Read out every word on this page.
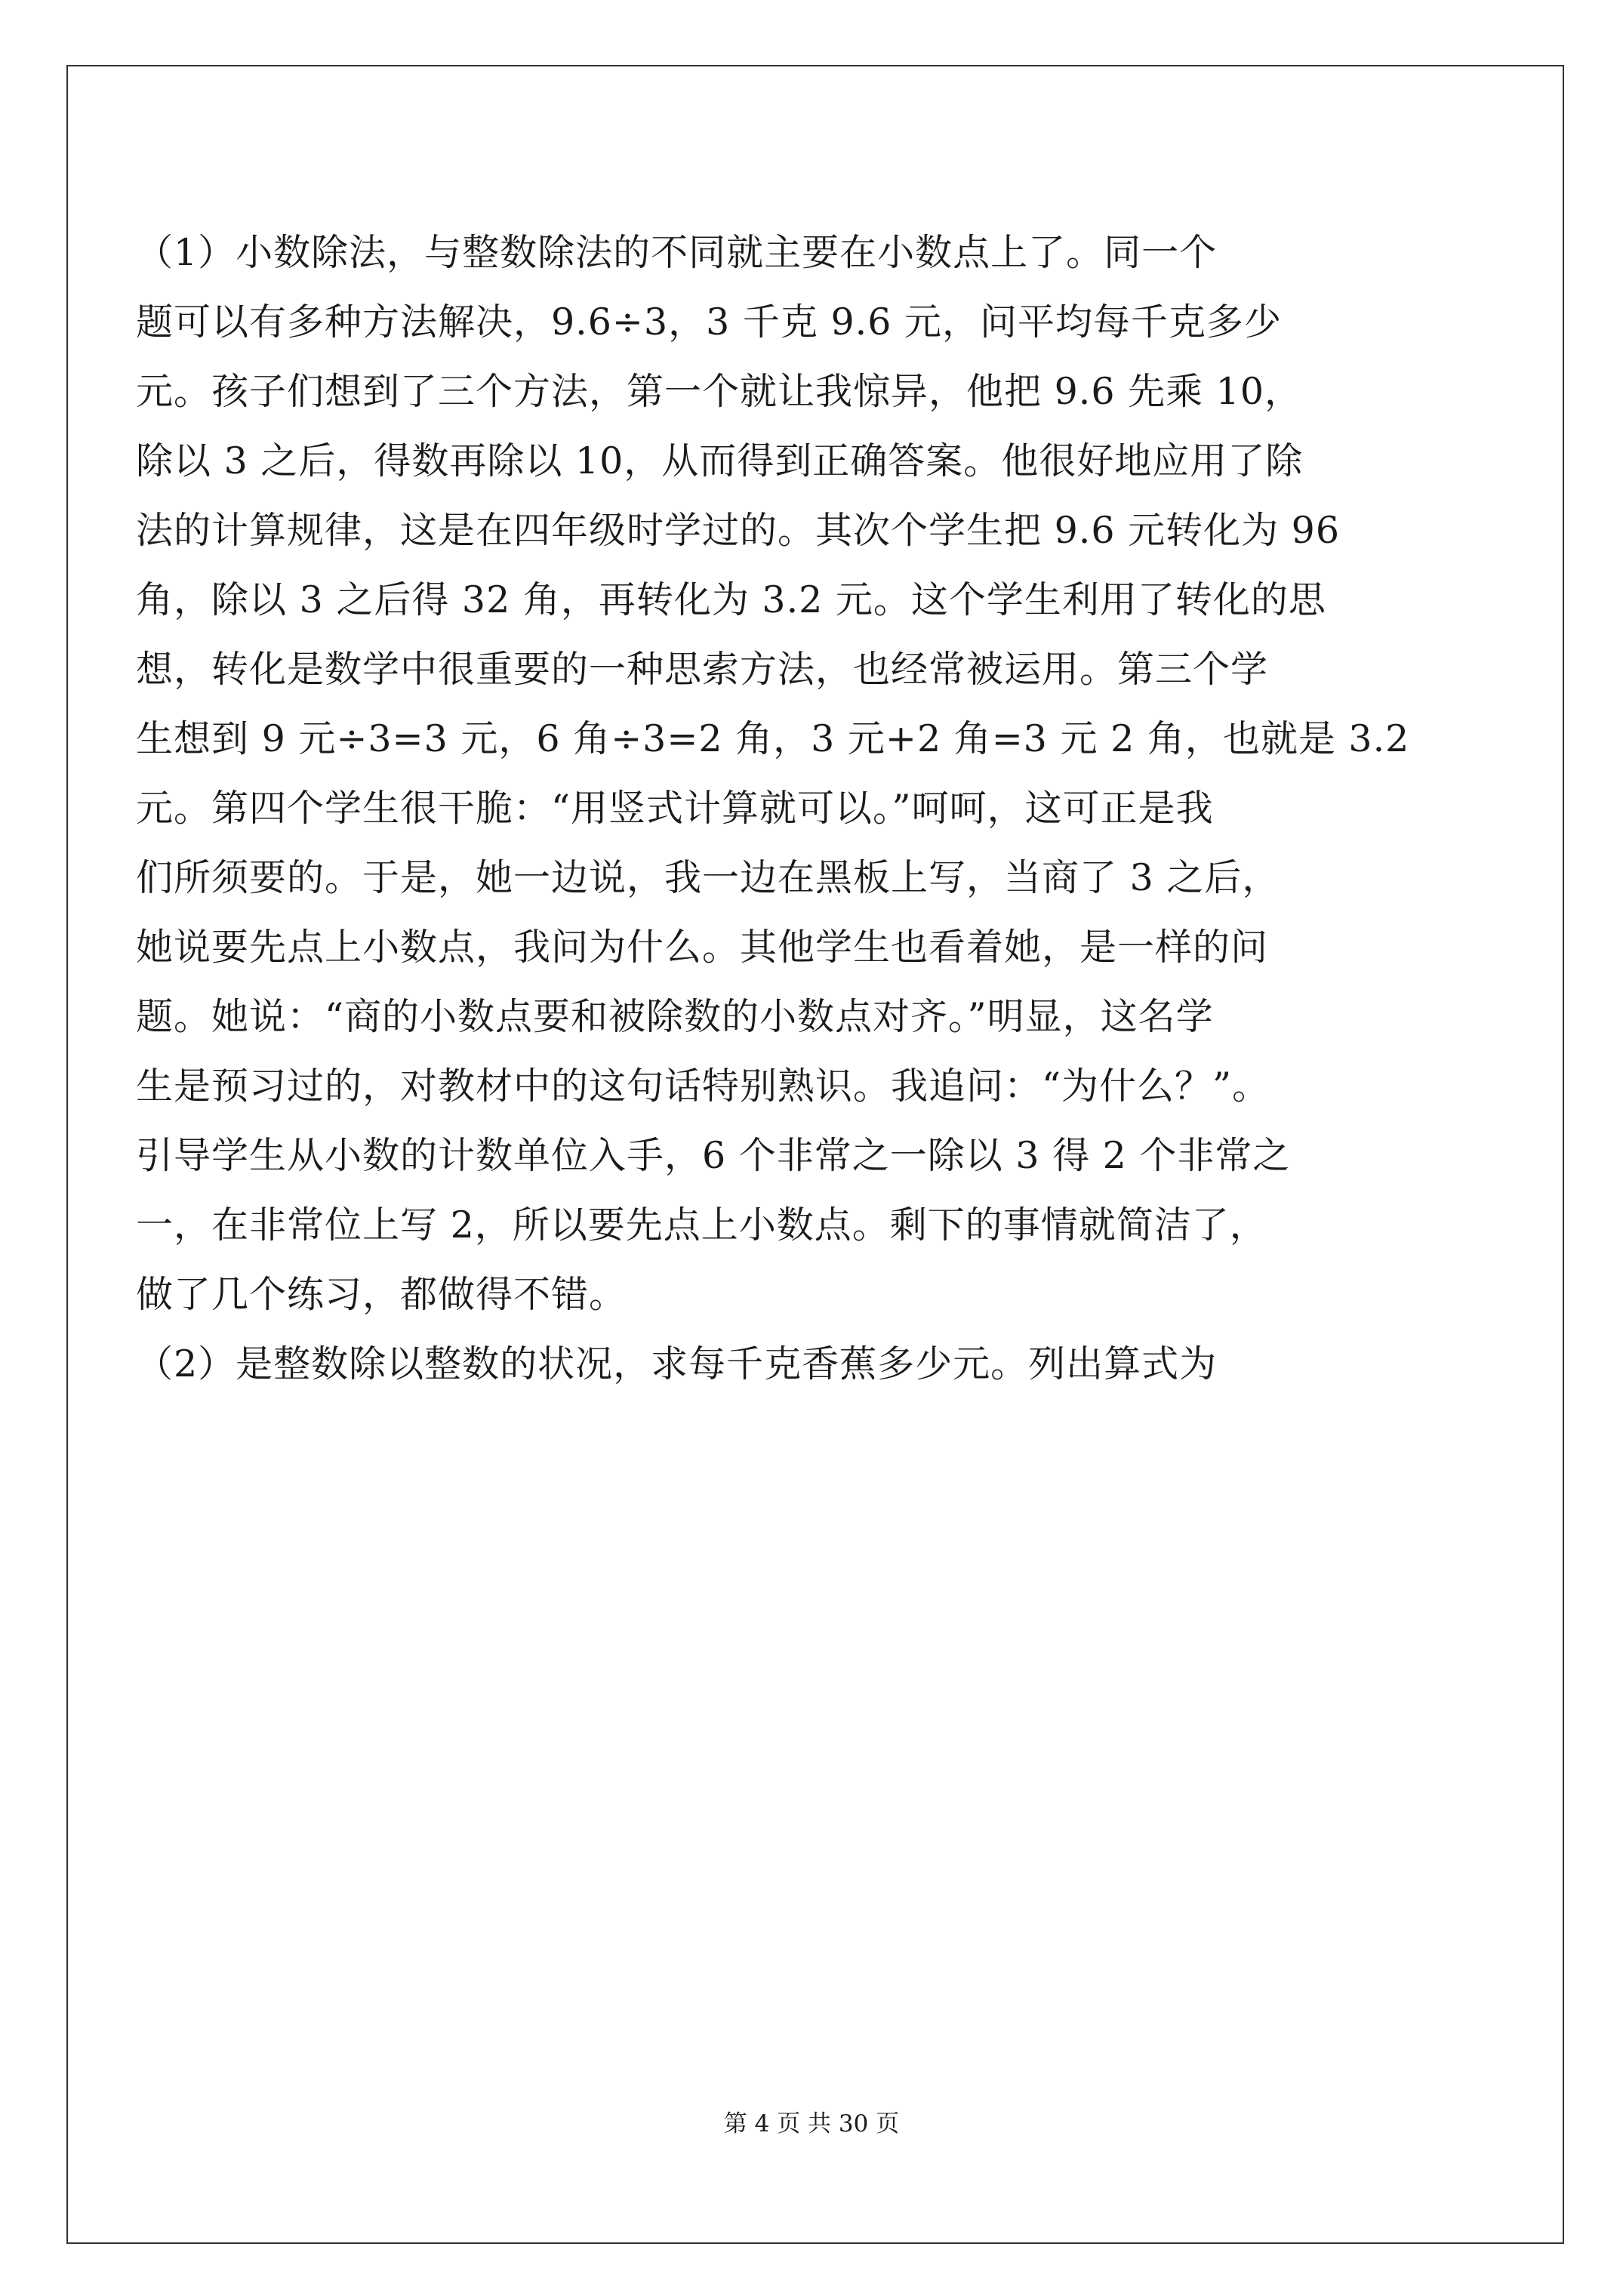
（1）小数除法，与整数除法的不同就主要在小数点上了。同一个
题可以有多种方法解决，9.6÷3，3 千克 9.6 元，问平均每千克多少
元。孩子们想到了三个方法，第一个就让我惊异，他把 9.6 先乘 10，
除以 3 之后，得数再除以 10，从而得到正确答案。他很好地应用了除
法的计算规律，这是在四年级时学过的。其次个学生把 9.6 元转化为 96
角，除以 3 之后得 32 角，再转化为 3.2 元。这个学生利用了转化的思
想，转化是数学中很重要的一种思索方法，也经常被运用。第三个学
生想到 9 元÷3=3 元，6 角÷3=2 角，3 元+2 角=3 元 2 角，也就是 3.2
元。第四个学生很干脆：“用竖式计算就可以。”呵呵，这可正是我
们所须要的。于是，她一边说，我一边在黑板上写，当商了 3 之后，
她说要先点上小数点，我问为什么。其他学生也看着她，是一样的问
题。她说：“商的小数点要和被除数的小数点对齐。”明显，这名学
生是预习过的，对教材中的这句话特别熟识。我追问：“为什么？”。
引导学生从小数的计数单位入手，6 个非常之一除以 3 得 2 个非常之
一，在非常位上写 2，所以要先点上小数点。剩下的事情就简洁了，
做了几个练习，都做得不错。
（2）是整数除以整数的状况，求每千克香蕉多少元。列出算式为
第 4 页 共 30 页
